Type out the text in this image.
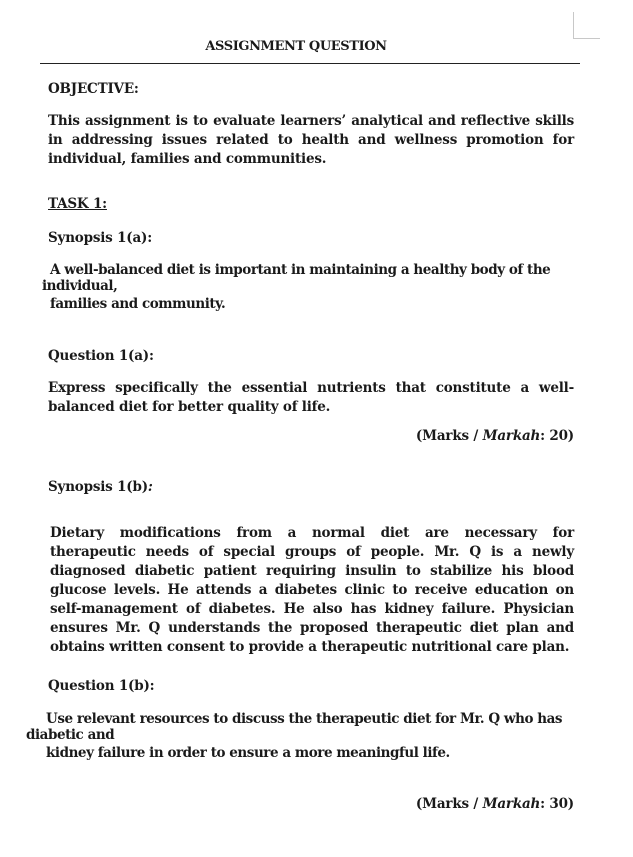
ASSIGNMENT QUESTION
OBJECTIVE:
This assignment is to evaluate learners’ analytical and reflective skills in addressing issues related to health and wellness promotion for individual, families and communities.
TASK 1:
Synopsis 1(a):
A well-balanced diet is important in maintaining a healthy body of the
individual,
families and community.
Question 1(a):
Express specifically the essential nutrients that constitute a well-balanced diet for better quality of life.
(Marks / Markah: 20)
Synopsis 1(b):
Dietary modifications from a normal diet are necessary for therapeutic needs of special groups of people. Mr. Q is a newly diagnosed diabetic patient requiring insulin to stabilize his blood glucose levels. He attends a diabetes clinic to receive education on self-management of diabetes. He also has kidney failure. Physician ensures Mr. Q understands the proposed therapeutic diet plan and obtains written consent to provide a therapeutic nutritional care plan.
Question 1(b):
Use relevant resources to discuss the therapeutic diet for Mr. Q who has
diabetic and
kidney failure in order to ensure a more meaningful life.
(Marks / Markah: 30)
